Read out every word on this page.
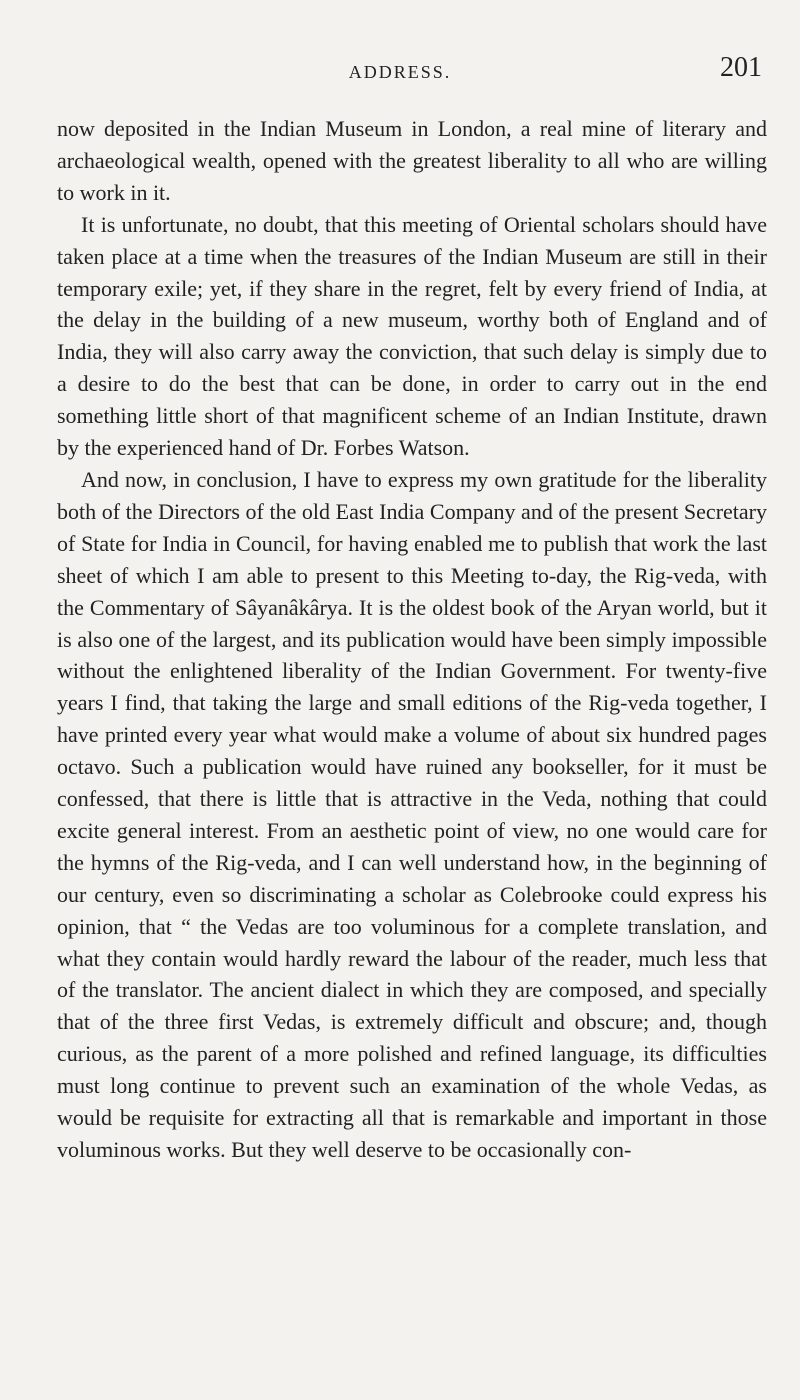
ADDRESS.	201

now deposited in the Indian Museum in London, a real mine of literary and archaeological wealth, opened with the greatest liberality to all who are willing to work in it.

It is unfortunate, no doubt, that this meeting of Oriental scholars should have taken place at a time when the treasures of the Indian Museum are still in their temporary exile; yet, if they share in the regret, felt by every friend of India, at the delay in the building of a new museum, worthy both of England and of India, they will also carry away the conviction, that such delay is simply due to a desire to do the best that can be done, in order to carry out in the end something little short of that magnificent scheme of an Indian Institute, drawn by the experienced hand of Dr. Forbes Watson.

And now, in conclusion, I have to express my own gratitude for the liberality both of the Directors of the old East India Company and of the present Secretary of State for India in Council, for having enabled me to publish that work the last sheet of which I am able to present to this Meeting to-day, the Rig-veda, with the Commentary of Sâyanâkârya. It is the oldest book of the Aryan world, but it is also one of the largest, and its publication would have been simply impossible without the enlightened liberality of the Indian Government. For twenty-five years I find, that taking the large and small editions of the Rig-veda together, I have printed every year what would make a volume of about six hundred pages octavo. Such a publication would have ruined any bookseller, for it must be confessed, that there is little that is attractive in the Veda, nothing that could excite general interest. From an aesthetic point of view, no one would care for the hymns of the Rig-veda, and I can well understand how, in the beginning of our century, even so discriminating a scholar as Colebrooke could express his opinion, that “ the Vedas are too voluminous for a complete translation, and what they contain would hardly reward the labour of the reader, much less that of the translator. The ancient dialect in which they are composed, and specially that of the three first Vedas, is extremely difficult and obscure; and, though curious, as the parent of a more polished and refined language, its difficulties must long continue to prevent such an examination of the whole Vedas, as would be requisite for extracting all that is remarkable and important in those voluminous works. But they well deserve to be occasionally con-
